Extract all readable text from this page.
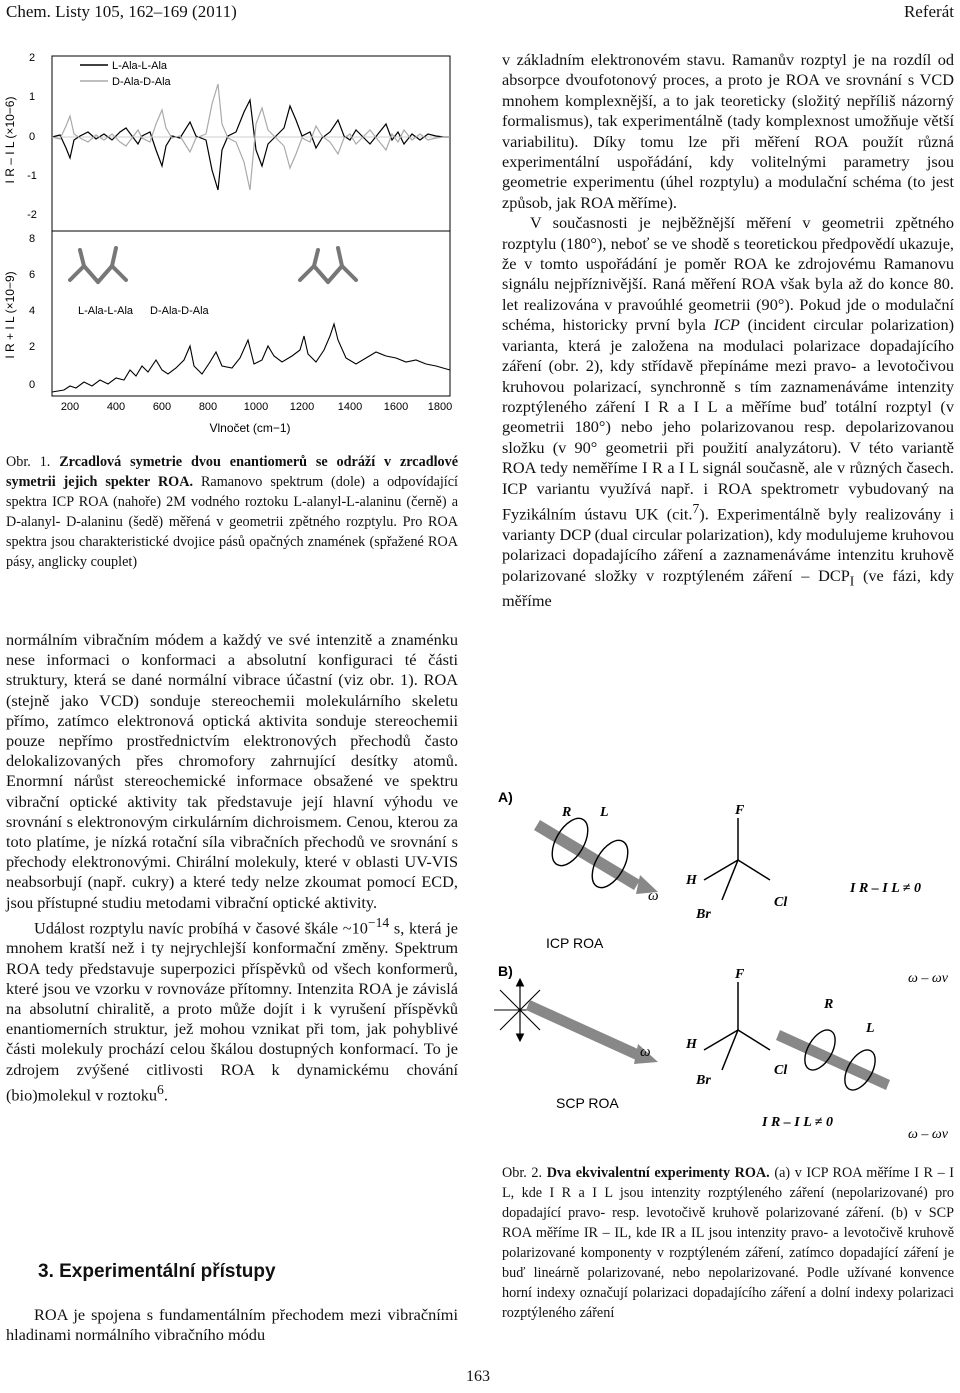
Chem. Listy 105, 162–169 (2011)	Referát
2
1
0
-1
-2
8
6
4
2
0
I R – I L (×10−6)
I R + I L (×10−9)
200	400	600	800 1000 1200 1400 1600 1800
Vlnočet (cm−1)
L-Ala-L-Ala
D-Ala-D-Ala
L-Ala-L-Ala D-Ala-D-Ala
Obr. 1. Zrcadlová symetrie dvou enantiomerů se odráží v zrcadlové symetrii jejich spekter ROA. Ramanovo spektrum (dole) a odpovídající spektra ICP ROA (nahoře) 2M vodného roztoku L-alanyl-L-alaninu (černě) a D-alanyl- D-alaninu (šedě) měřená v geometrii zpětného rozptylu. Pro ROA spektra jsou charakteristické dvojice pásů opačných znamének (spřažené ROA pásy, anglicky couplet)

normálním vibračním módem a každý ve své intenzitě a znaménku nese informaci o konformaci a absolutní konfiguraci té části struktury, která se dané normální vibrace účastní (viz obr. 1). ROA (stejně jako VCD) sonduje stereochemii molekulárního skeletu přímo, zatímco elektronová optická aktivita sonduje stereochemii pouze nepřímo prostřednictvím elektronových přechodů často delokalizovaných přes chromofory zahrnující desítky atomů. Enormní nárůst stereochemické informace obsažené ve spektru vibrační optické aktivity tak představuje její hlavní výhodu ve srovnání s elektronovým cirkulárním dichroismem. Cenou, kterou za toto platíme, je nízká rotační síla vibračních přechodů ve srovnání s přechody elektronovými. Chirální molekuly, které v oblasti UV-VIS neabsorbují (např. cukry) a které tedy nelze zkoumat pomocí ECD, jsou přístupné studiu metodami vibrační optické aktivity.

Událost rozptylu navíc probíhá v časové škále $\sim 10^{-14}$ s, která je mnohem kratší než i ty nejrychlejší konformační změny. Spektrum ROA tedy představuje superpozici příspěvků od všech konformerů, které jsou ve vzorku v rovnováze přítomny. Intenzita ROA je závislá na absolutní chiralitě, a proto může dojít i k vyrušení příspěvků enantiomerních struktur, jež mohou vznikat při tom, jak pohyblivé části molekuly prochází celou škálou dostupných konformací. To je zdrojem zvýšené citlivosti ROA k dynamickému chování (bio)molekul v roztoku$^6$.

3. Experimentální přístupy

ROA je spojena s fundamentálním přechodem mezi vibračními hladinami normálního vibračního módu

v základním elektronovém stavu. Ramanův rozptyl je na rozdíl od absorpce dvoufotonový proces, a proto je ROA ve srovnání s VCD mnohem komplexnější, a to jak teoreticky (složitý nepříliš názorný formalismus), tak experimentálně (tady komplexnost umožňuje větší variabilitu). Díky tomu lze při měření ROA použít různá experimentální uspořádání, kdy volitelnými parametry jsou geometrie experimentu (úhel rozptylu) a modulační schéma (to jest způsob, jak ROA měříme).

V současnosti je nejběžnější měření v geometrii zpětného rozptylu (180°), neboť se ve shodě s teoretickou předpovědí ukazuje, že v tomto uspořádání je poměr ROA ke zdrojovému Ramanovu signálu nejpříznivější. Raná měření ROA však byla až do konce 80. let realizována v pravoúhlé geometrii (90°). Pokud jde o modulační schéma, historicky první byla ICP (incident circular polarization) varianta, která je založena na modulaci polarizace dopadajícího záření (obr. 2), kdy střídavě přepínáme mezi pravo- a levotočivou kruhovou polarizací, synchronně s tím zaznamenáváme intenzity rozptýleného záření I R a I L a měříme buď totální rozptyl (v geometrii 180°) nebo jeho polarizovanou resp. depolarizovanou složku (v 90° geometrii při použití analyzátoru). V této variantě ROA tedy neměříme I R a I L signál současně, ale v různých časech. ICP variantu využívá např. i ROA spektrometr vybudovaný na Fyzikálním ústavu UK (cit.$^7$). Experimentálně byly realizovány i varianty DCP (dual circular polarization), kdy modulujeme kruhovou polarizaci dopadajícího záření a zaznamenáváme intenzitu kruhově polarizované složky v rozptýleném záření – $DCP_I$ (ve fázi, kdy měříme

A)
B)
R L	F
H
Br
Cl
ω	I R – I L ≠ 0
ICP ROA
ω
F
H
Br
Cl
ω – ωv
R
L
I R – I L ≠ 0
SCP ROA
ω – ωv
Obr. 2. Dva ekvivalentní experimenty ROA. (a) v ICP ROA měříme I R – I L, kde I R a I L jsou intenzity rozptýleného záření (nepolarizované) pro dopadající pravo- resp. levotočivě kruhově polarizované záření. (b) v SCP ROA měříme IR – IL, kde IR a IL jsou intenzity pravo- a levotočivě kruhově polarizované komponenty v rozptýleném záření, zatímco dopadající záření je buď lineárně polarizované, nebo nepolarizované. Podle užívané konvence horní indexy označují polarizaci dopadajícího záření a dolní indexy polarizaci rozptýleného záření
163
